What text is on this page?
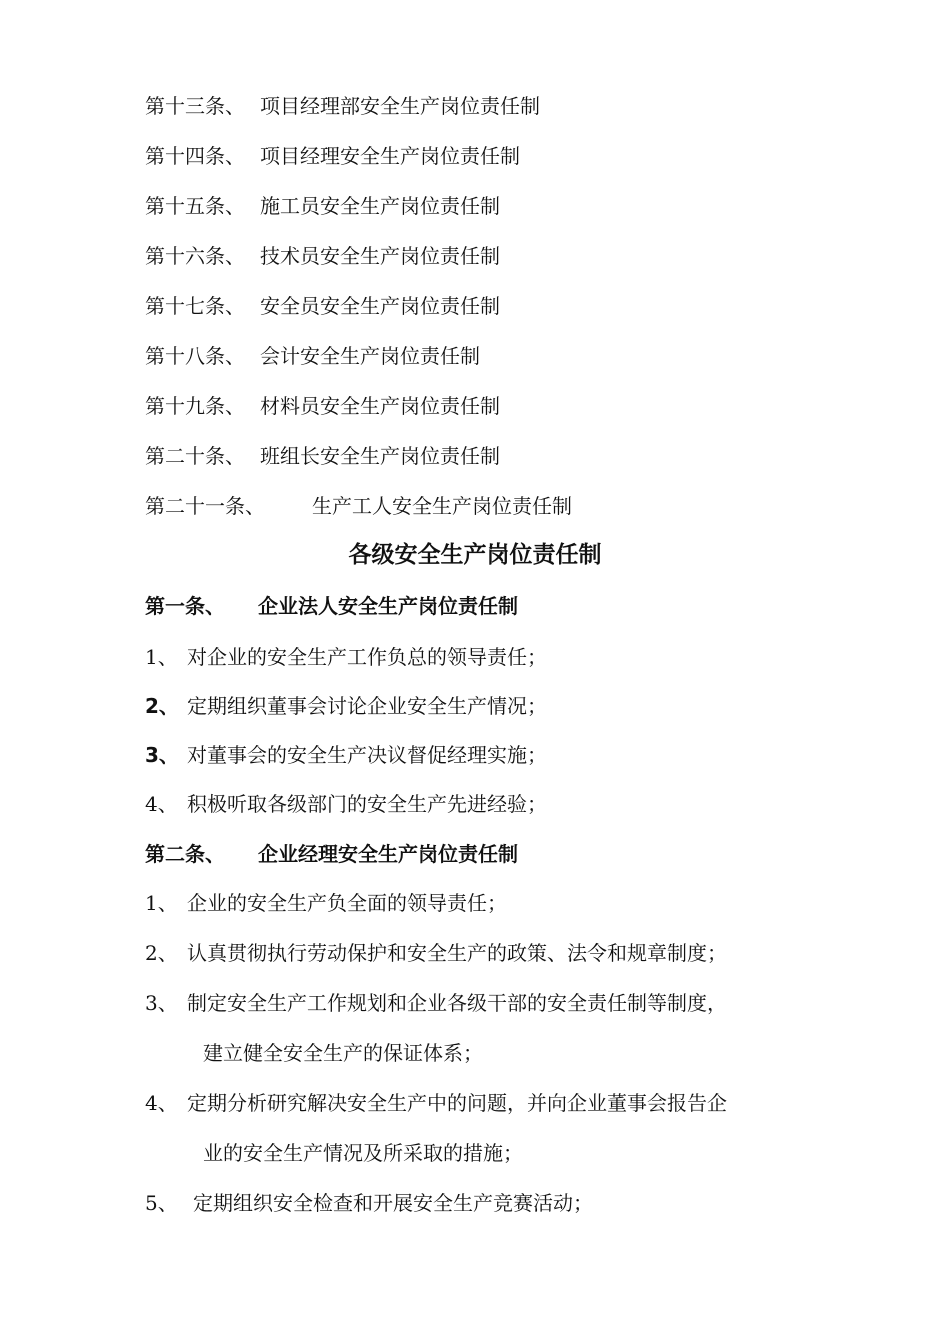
第十三条、 项目经理部安全生产岗位责任制
第十四条、 项目经理安全生产岗位责任制
第十五条、 施工员安全生产岗位责任制
第十六条、 技术员安全生产岗位责任制
第十七条、 安全员安全生产岗位责任制
第十八条、 会计安全生产岗位责任制
第十九条、 材料员安全生产岗位责任制
第二十条、 班组长安全生产岗位责任制
第二十一条、 生产工人安全生产岗位责任制
各级安全生产岗位责任制
第一条、 企业法人安全生产岗位责任制
1、 对企业的安全生产工作负总的领导责任；
2、 定期组织董事会讨论企业安全生产情况；
3、 对董事会的安全生产决议督促经理实施；
4、 积极听取各级部门的安全生产先进经验；
第二条、 企业经理安全生产岗位责任制
1、 企业的安全生产负全面的领导责任；
2、 认真贯彻执行劳动保护和安全生产的政策、法令和规章制度；
3、 制定安全生产工作规划和企业各级干部的安全责任制等制度，
建立健全安全生产的保证体系；
4、 定期分析研究解决安全生产中的问题，并向企业董事会报告企
业的安全生产情况及所采取的措施；
5、 定期组织安全检查和开展安全生产竞赛活动；
